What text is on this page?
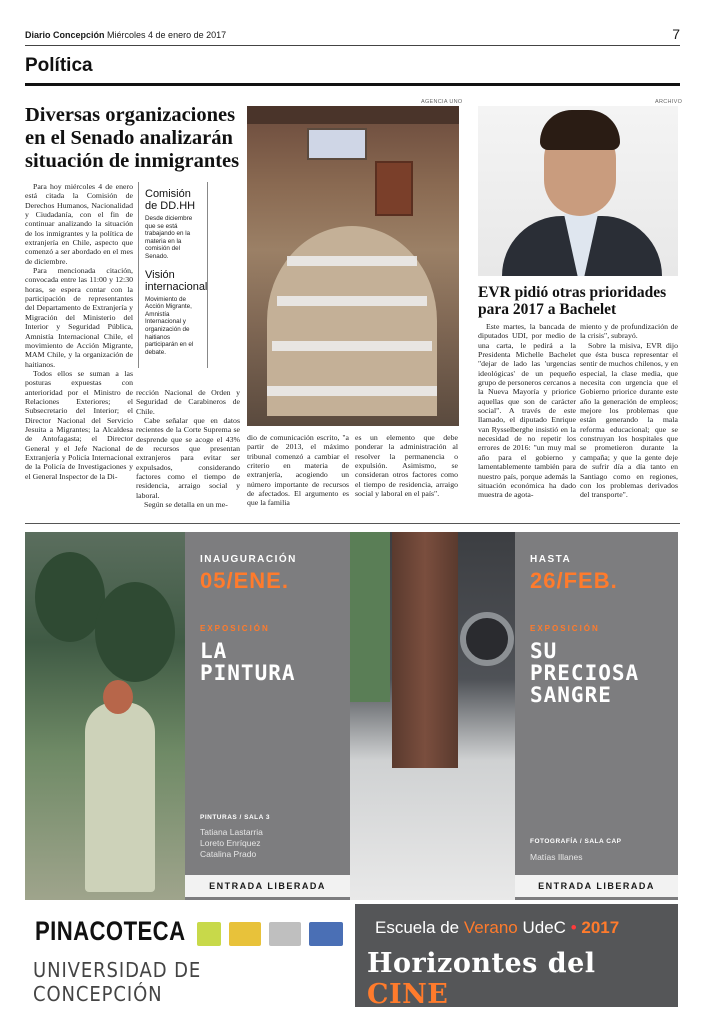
Diario Concepción Miércoles 4 de enero de 2017	7
Política
Diversas organizaciones en el Senado analizarán situación de inmigrantes

Para hoy miércoles 4 de enero está citada la Comisión de Derechos Humanos, Nacionalidad y Ciudadanía, con el fin de continuar analizando la situación de los inmigrantes y la política de extranjería en Chile, aspecto que comenzó a ser abordado en el mes de diciembre.

Para mencionada citación, convocada entre las 11:00 y 12:30 horas, se espera contar con la participación de representantes del Departamento de Extranjería y Migración del Ministerio del Interior y Seguridad Pública, Amnistía Internacional Chile, el movimiento de Acción Migrante, MAM Chile, y la organización de haitianos.

Todos ellos se suman a las posturas expuestas con anterioridad por el Ministro de Relaciones Exteriores; el Subsecretario del Interior; el Director Nacional del Servicio Jesuita a Migrantes; la Alcaldesa de Antofagasta; el Director General y el Jefe Nacional de Extranjería y Policía Internacional de la Policía de Investigaciones y el General Inspector de la Di-

Comisión de DD.HH
Desde diciembre que se está trabajando en la materia en la comisión del Senado.
Visión internacional
Movimiento de Acción Migrante, Amnistía Internacional y organización de haitianos participarán en el debate.

rección Nacional de Orden y Seguridad de Carabineros de Chile.

Cabe señalar que en datos recientes de la Corte Suprema se desprende que se acoge el 43% de recursos que presentan extranjeros para evitar ser expulsados, considerando factores como el tiempo de residencia, arraigo social y laboral.

Según se detalla en un me-

dio de comunicación escrito, "a partir de 2013, el máximo tribunal comenzó a cambiar el criterio en materia de extranjería, acogiendo un número importante de recursos de afectados. El argumento es que la familia

es un elemento que debe ponderar la administración al resolver la permanencia o expulsión. Asimismo, se consideran otros factores como el tiempo de residencia, arraigo social y laboral en el país".

AGENCIA UNO	ARCHIVO
EVR pidió otras prioridades para 2017 a Bachelet

Este martes, la bancada de diputados UDI, por medio de una carta, le pedirá a la Presidenta Michelle Bachelet "dejar de lado las 'urgencias ideológicas' de un pequeño grupo de personeros cercanos a la Nueva Mayoría y priorice aquellas que son de carácter social". A través de este llamado, el diputado Enrique van Rysselberghe insistió en la necesidad de no repetir los errores de 2016: "un muy mal año para el gobierno y lamentablemente también para nuestro país, porque además la situación económica ha dado muestra de agota-

miento y de profundización de la crisis", subrayó.

Sobre la misiva, EVR dijo que ésta busca representar el sentir de muchos chilenos, y en especial, la clase media, que necesita con urgencia que el Gobierno priorice durante este año la generación de empleos; mejore los problemas que están generando la mala reforma educacional; que se construyan los hospitales que se prometieron durante la campaña; y que la gente deje de sufrir día a día tanto en Santiago como en regiones, con los problemas derivados del transporte".

INAUGURACIÓN
05/ENE.
EXPOSICIÓN
LA
PINTURA
PINTURAS / SALA 3
Tatiana Lastarria
Loreto Enríquez
Catalina Prado
ENTRADA LIBERADA
HASTA
26/FEB.
EXPOSICIÓN
SU
PRECIOSA
SANGRE
FOTOGRAFÍA / SALA CAP
Matías Illanes
ENTRADA LIBERADA
PINACOTECA
UNIVERSIDAD DE CONCEPCIÓN
Escuela de Verano UdeC • 2017
Horizontes del CINE
